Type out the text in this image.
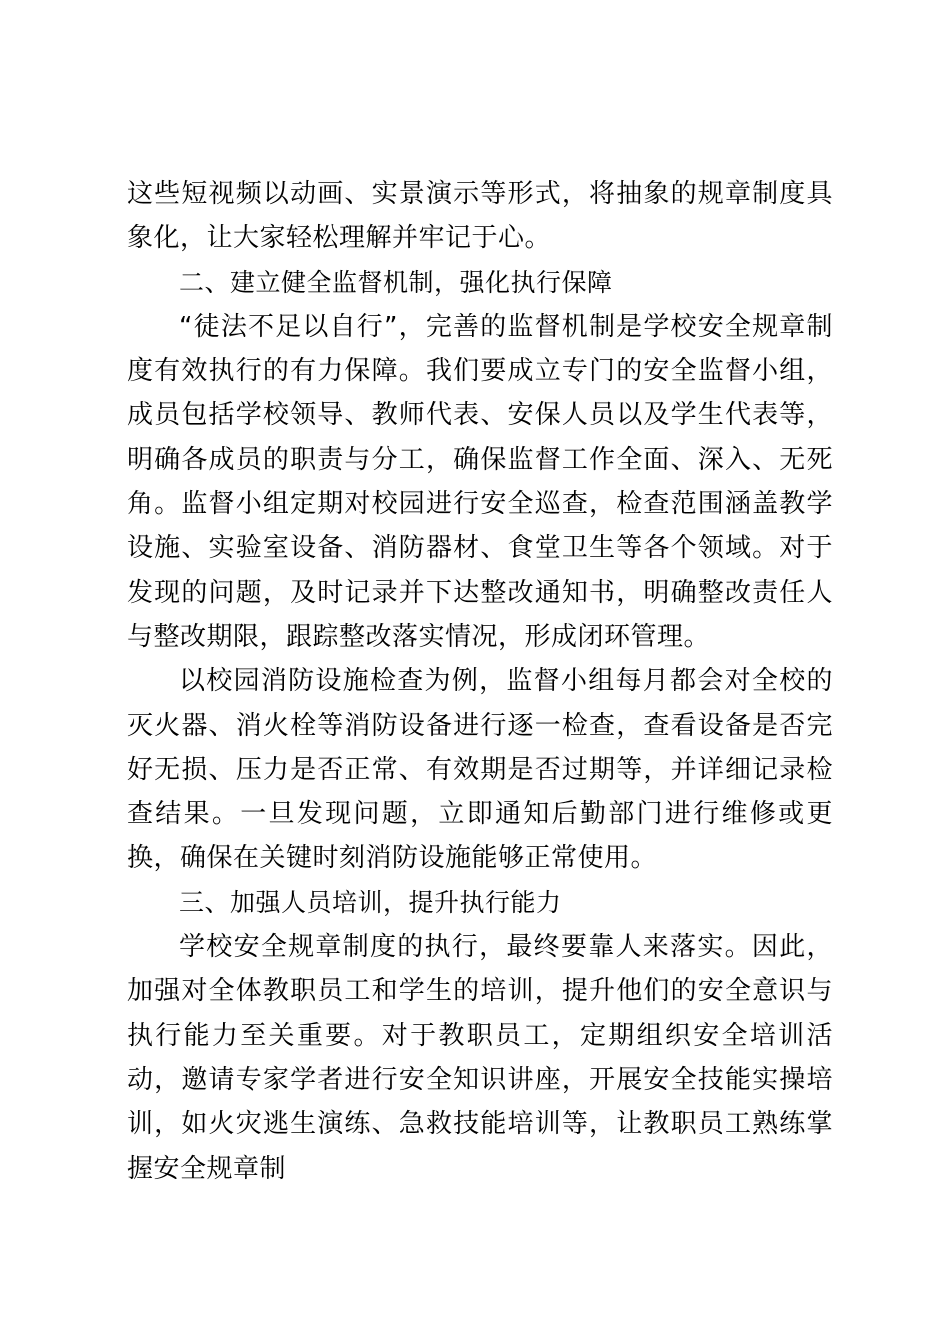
这些短视频以动画、实景演示等形式，将抽象的规章制度具象化，让大家轻松理解并牢记于心。

二、建立健全监督机制，强化执行保障

“徒法不足以自行”，完善的监督机制是学校安全规章制度有效执行的有力保障。我们要成立专门的安全监督小组，成员包括学校领导、教师代表、安保人员以及学生代表等，明确各成员的职责与分工，确保监督工作全面、深入、无死角。监督小组定期对校园进行安全巡查，检查范围涵盖教学设施、实验室设备、消防器材、食堂卫生等各个领域。对于发现的问题，及时记录并下达整改通知书，明确整改责任人与整改期限，跟踪整改落实情况，形成闭环管理。

以校园消防设施检查为例，监督小组每月都会对全校的灭火器、消火栓等消防设备进行逐一检查，查看设备是否完好无损、压力是否正常、有效期是否过期等，并详细记录检查结果。一旦发现问题，立即通知后勤部门进行维修或更换，确保在关键时刻消防设施能够正常使用。

三、加强人员培训，提升执行能力

学校安全规章制度的执行，最终要靠人来落实。因此，加强对全体教职员工和学生的培训，提升他们的安全意识与执行能力至关重要。对于教职员工，定期组织安全培训活动，邀请专家学者进行安全知识讲座，开展安全技能实操培训，如火灾逃生演练、急救技能培训等，让教职员工熟练掌握安全规章制
